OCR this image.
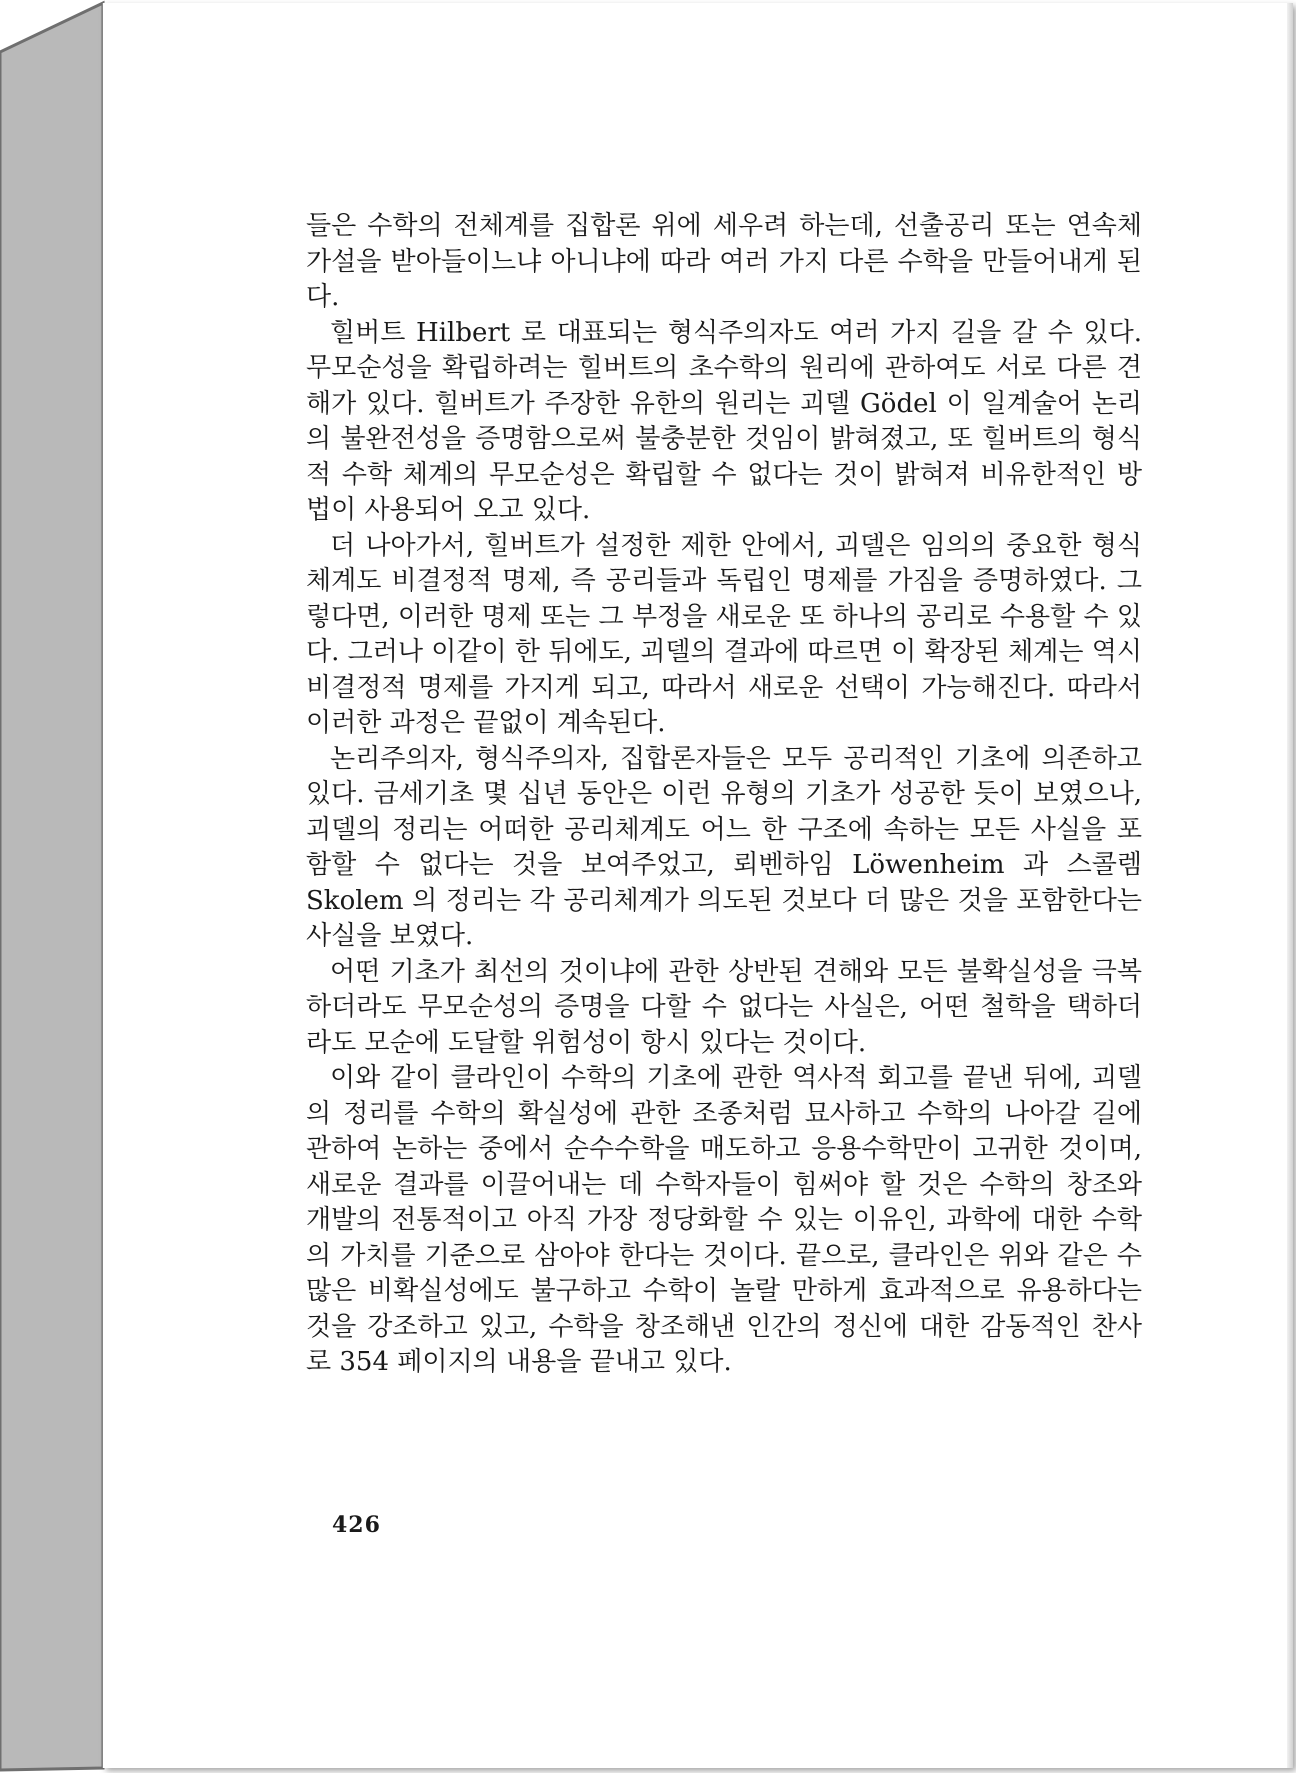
들은 수학의 전체계를 집합론 위에 세우려 하는데, 선출공리 또는 연속체가설을 받아들이느냐 아니냐에 따라 여러 가지 다른 수학을 만들어내게 된다.

힐버트 Hilbert 로 대표되는 형식주의자도 여러 가지 길을 갈 수 있다. 무모순성을 확립하려는 힐버트의 초수학의 원리에 관하여도 서로 다른 견해가 있다. 힐버트가 주장한 유한의 원리는 괴델 Gödel 이 일계술어 논리의 불완전성을 증명함으로써 불충분한 것임이 밝혀졌고, 또 힐버트의 형식적 수학 체계의 무모순성은 확립할 수 없다는 것이 밝혀져 비유한적인 방법이 사용되어 오고 있다.

더 나아가서, 힐버트가 설정한 제한 안에서, 괴델은 임의의 중요한 형식 체계도 비결정적 명제, 즉 공리들과 독립인 명제를 가짐을 증명하였다. 그렇다면, 이러한 명제 또는 그 부정을 새로운 또 하나의 공리로 수용할 수 있다. 그러나 이같이 한 뒤에도, 괴델의 결과에 따르면 이 확장된 체계는 역시 비결정적 명제를 가지게 되고, 따라서 새로운 선택이 가능해진다. 따라서 이러한 과정은 끝없이 계속된다.

논리주의자, 형식주의자, 집합론자들은 모두 공리적인 기초에 의존하고 있다. 금세기초 몇 십년 동안은 이런 유형의 기초가 성공한 듯이 보였으나, 괴델의 정리는 어떠한 공리체계도 어느 한 구조에 속하는 모든 사실을 포함할 수 없다는 것을 보여주었고, 뢰벤하임 Löwenheim 과 스콜렘 Skolem 의 정리는 각 공리체계가 의도된 것보다 더 많은 것을 포함한다는 사실을 보였다.

어떤 기초가 최선의 것이냐에 관한 상반된 견해와 모든 불확실성을 극복하더라도 무모순성의 증명을 다할 수 없다는 사실은, 어떤 철학을 택하더라도 모순에 도달할 위험성이 항시 있다는 것이다.

이와 같이 클라인이 수학의 기초에 관한 역사적 회고를 끝낸 뒤에, 괴델의 정리를 수학의 확실성에 관한 조종처럼 묘사하고 수학의 나아갈 길에 관하여 논하는 중에서 순수수학을 매도하고 응용수학만이 고귀한 것이며, 새로운 결과를 이끌어내는 데 수학자들이 힘써야 할 것은 수학의 창조와 개발의 전통적이고 아직 가장 정당화할 수 있는 이유인, 과학에 대한 수학의 가치를 기준으로 삼아야 한다는 것이다. 끝으로, 클라인은 위와 같은 수많은 비확실성에도 불구하고 수학이 놀랄 만하게 효과적으로 유용하다는 것을 강조하고 있고, 수학을 창조해낸 인간의 정신에 대한 감동적인 찬사로 354 페이지의 내용을 끝내고 있다.

426
